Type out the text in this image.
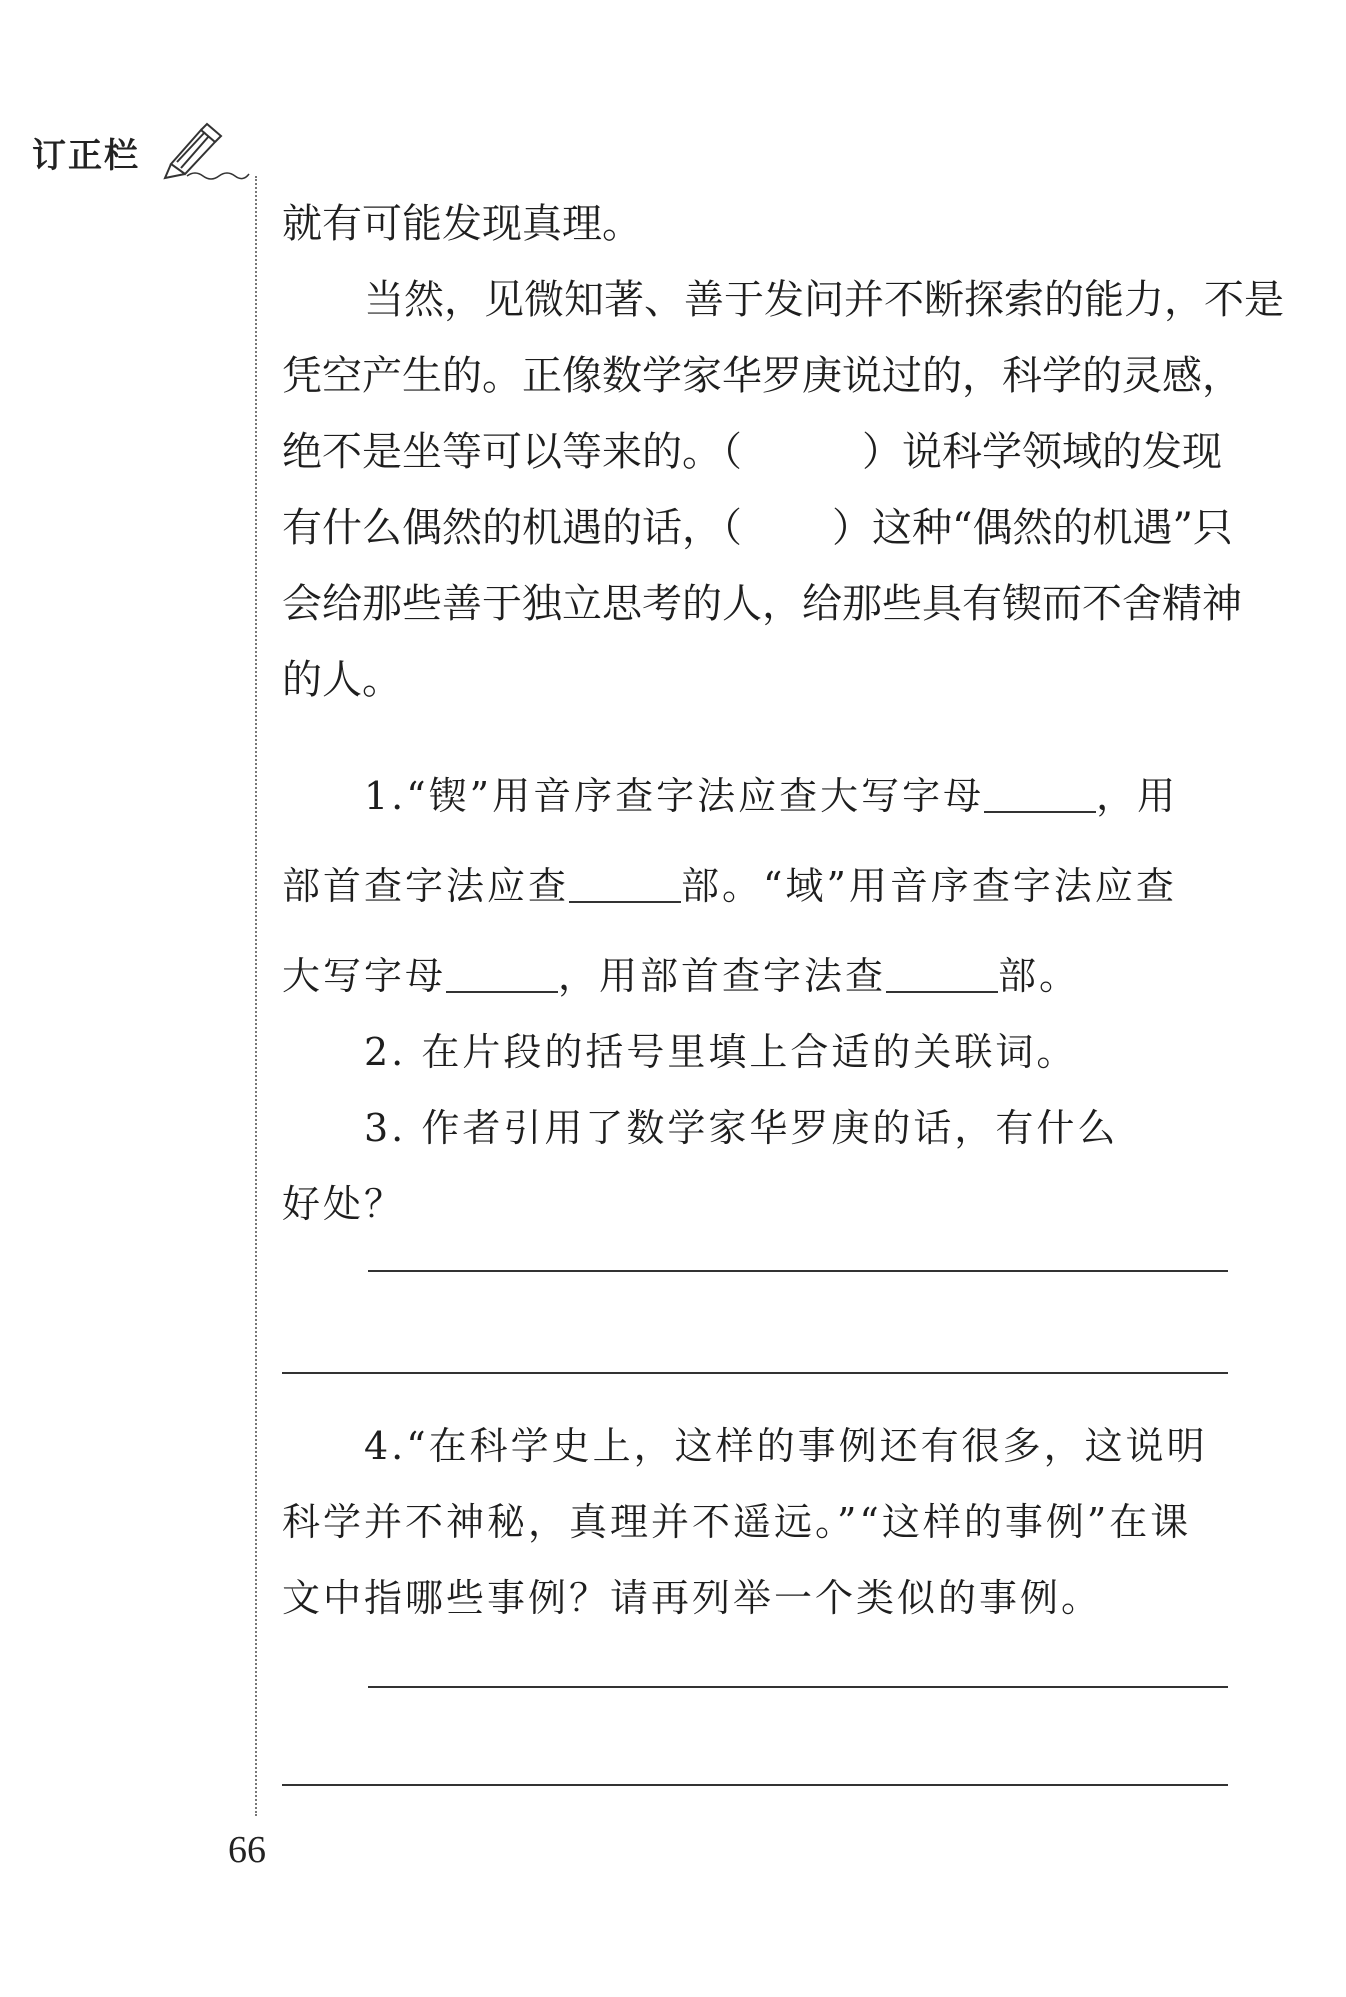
订正栏
就有可能发现真理。
当然，见微知著、善于发问并不断探索的能力，不是
凭空产生的。正像数学家华罗庚说过的，科学的灵感，
绝不是坐等可以等来的。（	）说科学领域的发现
有什么偶然的机遇的话，（ ）这种“偶然的机遇”只
会给那些善于独立思考的人，给那些具有锲而不舍精神
的人。
1.“锲”用音序查字法应查大写字母	，用
部首查字法应查	部。“域”用音序查字法应查
大写字母	，用部首查字法查	部。
2. 在片段的括号里填上合适的关联词。
3. 作者引用了数学家华罗庚的话，有什么
好处？
4.“在科学史上，这样的事例还有很多，这说明
科学并不神秘，真理并不遥远。”“这样的事例”在课
文中指哪些事例？请再列举一个类似的事例。
66
